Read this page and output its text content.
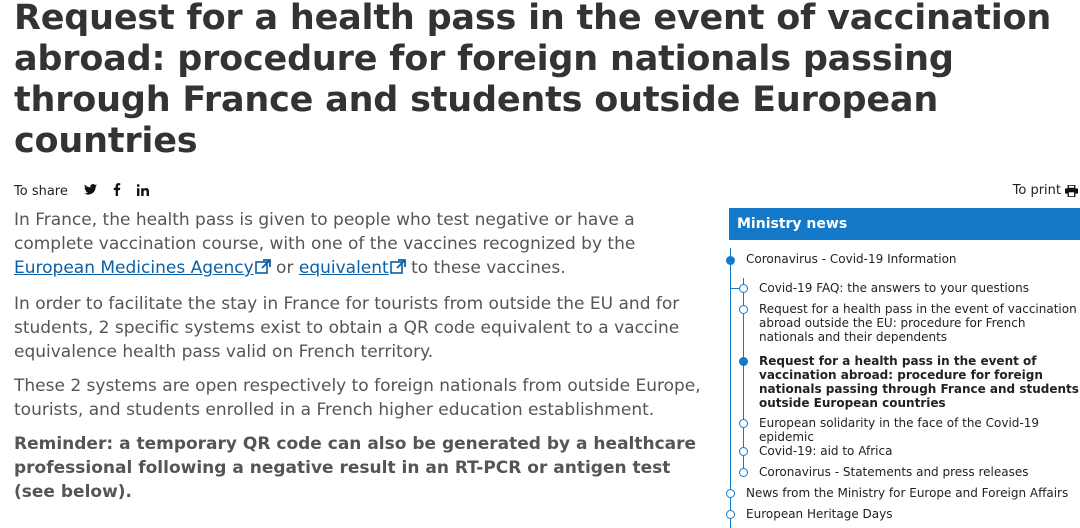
Request for a health pass in the event of vaccination abroad: procedure for foreign nationals passing through France and students outside European countries
To share	To print

In France, the health pass is given to people who test negative or have a complete vaccination course, with one of the vaccines recognized by the European Medicines Agency or equivalent to these vaccines.

In order to facilitate the stay in France for tourists from outside the EU and for students, 2 specific systems exist to obtain a QR code equivalent to a vaccine equivalence health pass valid on French territory.

These 2 systems are open respectively to foreign nationals from outside Europe, tourists, and students enrolled in a French higher education establishment.

Reminder: a temporary QR code can also be generated by a healthcare professional following a negative result in an RT-PCR or antigen test (see below).

Ministry news
Coronavirus - Covid-19 Information
Covid-19 FAQ: the answers to your questions
Request for a health pass in the event of vaccination abroad outside the EU: procedure for French nationals and their dependents
Request for a health pass in the event of vaccination abroad: procedure for foreign nationals passing through France and students outside European countries
European solidarity in the face of the Covid-19 epidemic
Covid-19: aid to Africa
Coronavirus - Statements and press releases
News from the Ministry for Europe and Foreign Affairs
European Heritage Days
